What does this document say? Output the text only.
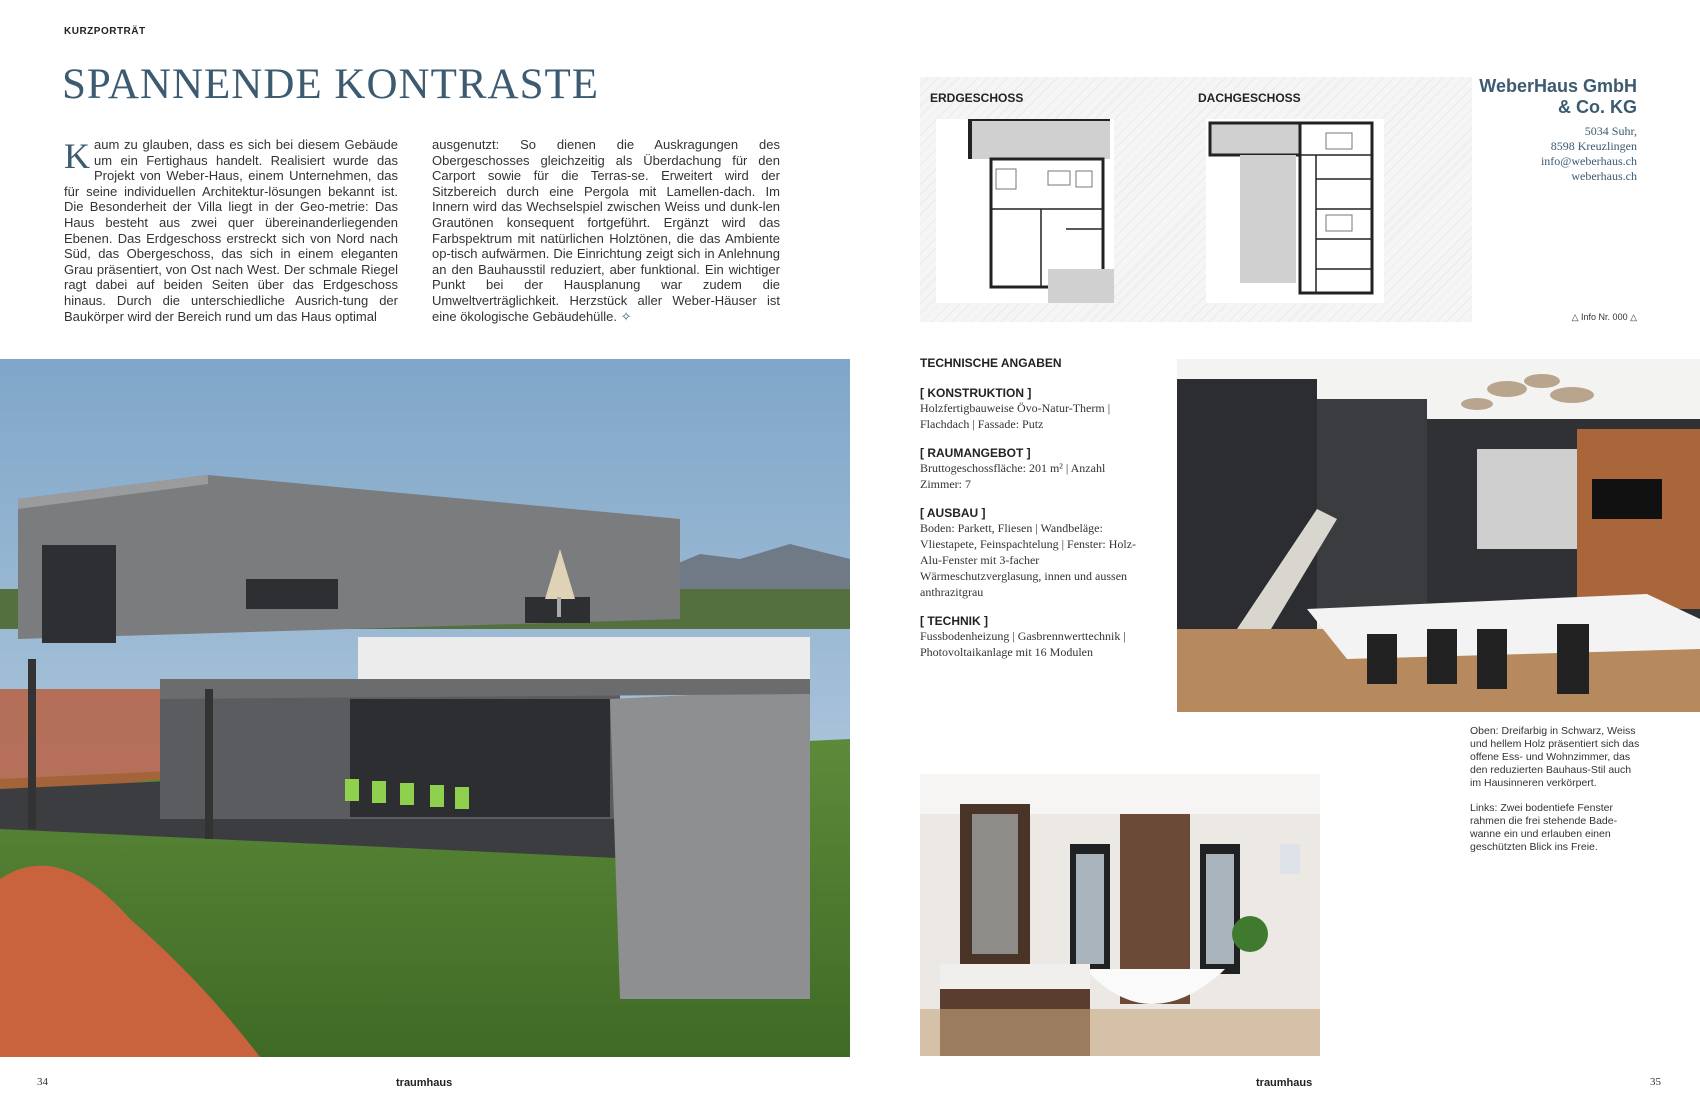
KURZPORTRÄT
SPANNENDE KONTRASTE
Kaum zu glauben, dass es sich bei diesem Gebäude um ein Fertighaus handelt. Realisiert wurde das Projekt von Weber-Haus, einem Unternehmen, das für seine individuellen Architektur-lösungen bekannt ist. Die Besonderheit der Villa liegt in der Geo-metrie: Das Haus besteht aus zwei quer übereinanderliegenden Ebenen. Das Erdgeschoss erstreckt sich von Nord nach Süd, das Obergeschoss, das sich in einem eleganten Grau präsentiert, von Ost nach West. Der schmale Riegel ragt dabei auf beiden Seiten über das Erdgeschoss hinaus. Durch die unterschiedliche Ausrich-tung der Baukörper wird der Bereich rund um das Haus optimal
ausgenutzt: So dienen die Auskragungen des Obergeschosses gleichzeitig als Überdachung für den Carport sowie für die Terras-se. Erweitert wird der Sitzbereich durch eine Pergola mit Lamellen-dach. Im Innern wird das Wechselspiel zwischen Weiss und dunk-len Grautönen konsequent fortgeführt. Ergänzt wird das Farbspektrum mit natürlichen Holztönen, die das Ambiente op-tisch aufwärmen. Die Einrichtung zeigt sich in Anlehnung an den Bauhausstil reduziert, aber funktional. Ein wichtiger Punkt bei der Hausplanung war zudem die Umweltverträglichkeit. Herzstück aller Weber-Häuser ist eine ökologische Gebäudehülle. ✧
ERDGESCHOSS	DACHGESCHOSS
WeberHaus GmbH
& Co. KG
5034 Suhr,
8598 Kreuzlingen
info@weberhaus.ch
weberhaus.ch
△ Info Nr. 000 △
TECHNISCHE ANGABEN
[ KONSTRUKTION ]
Holzfertigbauweise Övo-Natur-Therm | Flachdach | Fassade: Putz
[ RAUMANGEBOT ]
Bruttogeschossfläche: 201 m² | Anzahl Zimmer: 7
[ AUSBAU ]
Boden: Parkett, Fliesen | Wandbeläge: Vliestapete, Feinspachtelung | Fenster: Holz-Alu-Fenster mit 3-facher Wärmeschutzverglasung, innen und aussen anthrazitgrau
[ TECHNIK ]
Fussbodenheizung | Gasbrennwerttechnik | Photovoltaikanlage mit 16 Modulen

Oben: Dreifarbig in Schwarz, Weiss und hellem Holz präsentiert sich das offene Ess- und Wohnzimmer, das den reduzierten Bauhaus-Stil auch im Hausinneren verkörpert.

Links: Zwei bodentiefe Fenster rahmen die frei stehende Bade-wanne ein und erlauben einen geschützten Blick ins Freie.

34	traumhaus	traumhaus	35
